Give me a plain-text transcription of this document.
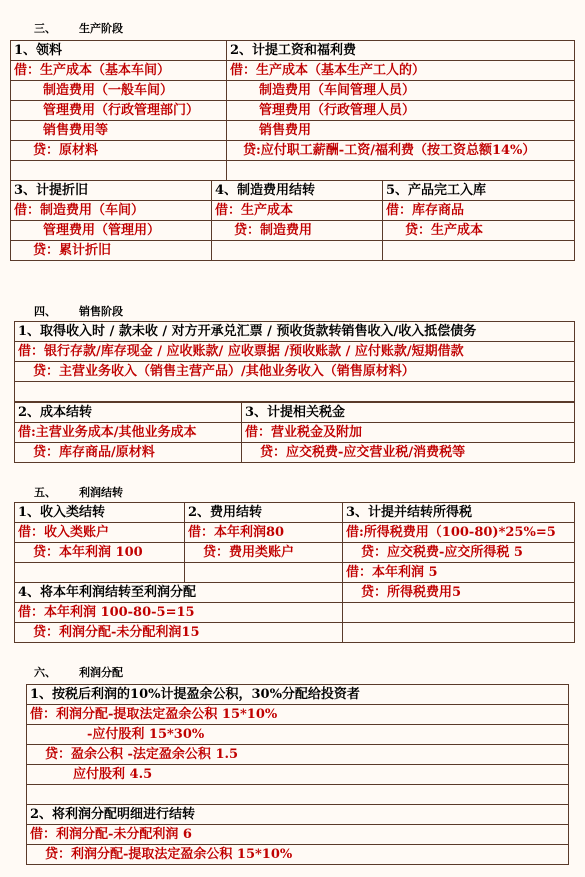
三、      生产阶段
1、领料	2、计提工资和福利费
借：生产成本（基本车间）	借：生产成本（基本生产工人的）
制造费用（一般车间）	制造费用（车间管理人员）
管理费用（行政管理部门）	管理费用（行政管理人员）
销售费用等	销售费用
贷：原材料	贷:应付职工薪酬-工资/福利费（按工资总额14%）

3、计提折旧	4、制造费用结转	5、产品完工入库
借：制造费用（车间）	借：生产成本	借：库存商品
管理费用（管理用）	贷：制造费用	贷：生产成本
贷：累计折旧		
四、      销售阶段
1、取得收入时 / 款未收 / 对方开承兑汇票 / 预收货款转销售收入/收入抵偿债务
借：银行存款/库存现金 / 应收账款/ 应收票据 /预收账款 / 应付账款/短期借款
贷：主营业务收入（销售主营产品）/其他业务收入（销售原材料）

2、成本结转	3、计提相关税金
借:主营业务成本/其他业务成本	借：营业税金及附加
贷：库存商品/原材料	贷：应交税费-应交营业税/消费税等
五、      利润结转
1、收入类结转	2、费用结转	3、计提并结转所得税
借：收入类账户	借：本年利润80	借:所得税费用（100-80)*25%=5
贷：本年利润 100	贷：费用类账户	贷：应交税费-应交所得税 5
		借：本年利润 5
4、将本年利润结转至利润分配		贷：所得税费用5
借：本年利润 100-80-5=15		
贷：利润分配-未分配利润15		
六、      利润分配
1、按税后利润的10%计提盈余公积，30%分配给投资者
借：利润分配-提取法定盈余公积 15*10%
-应付股利 15*30%
贷：盈余公积 -法定盈余公积 1.5
应付股利 4.5

2、将利润分配明细进行结转
借：利润分配-未分配利润 6
贷：利润分配-提取法定盈余公积 15*10%
